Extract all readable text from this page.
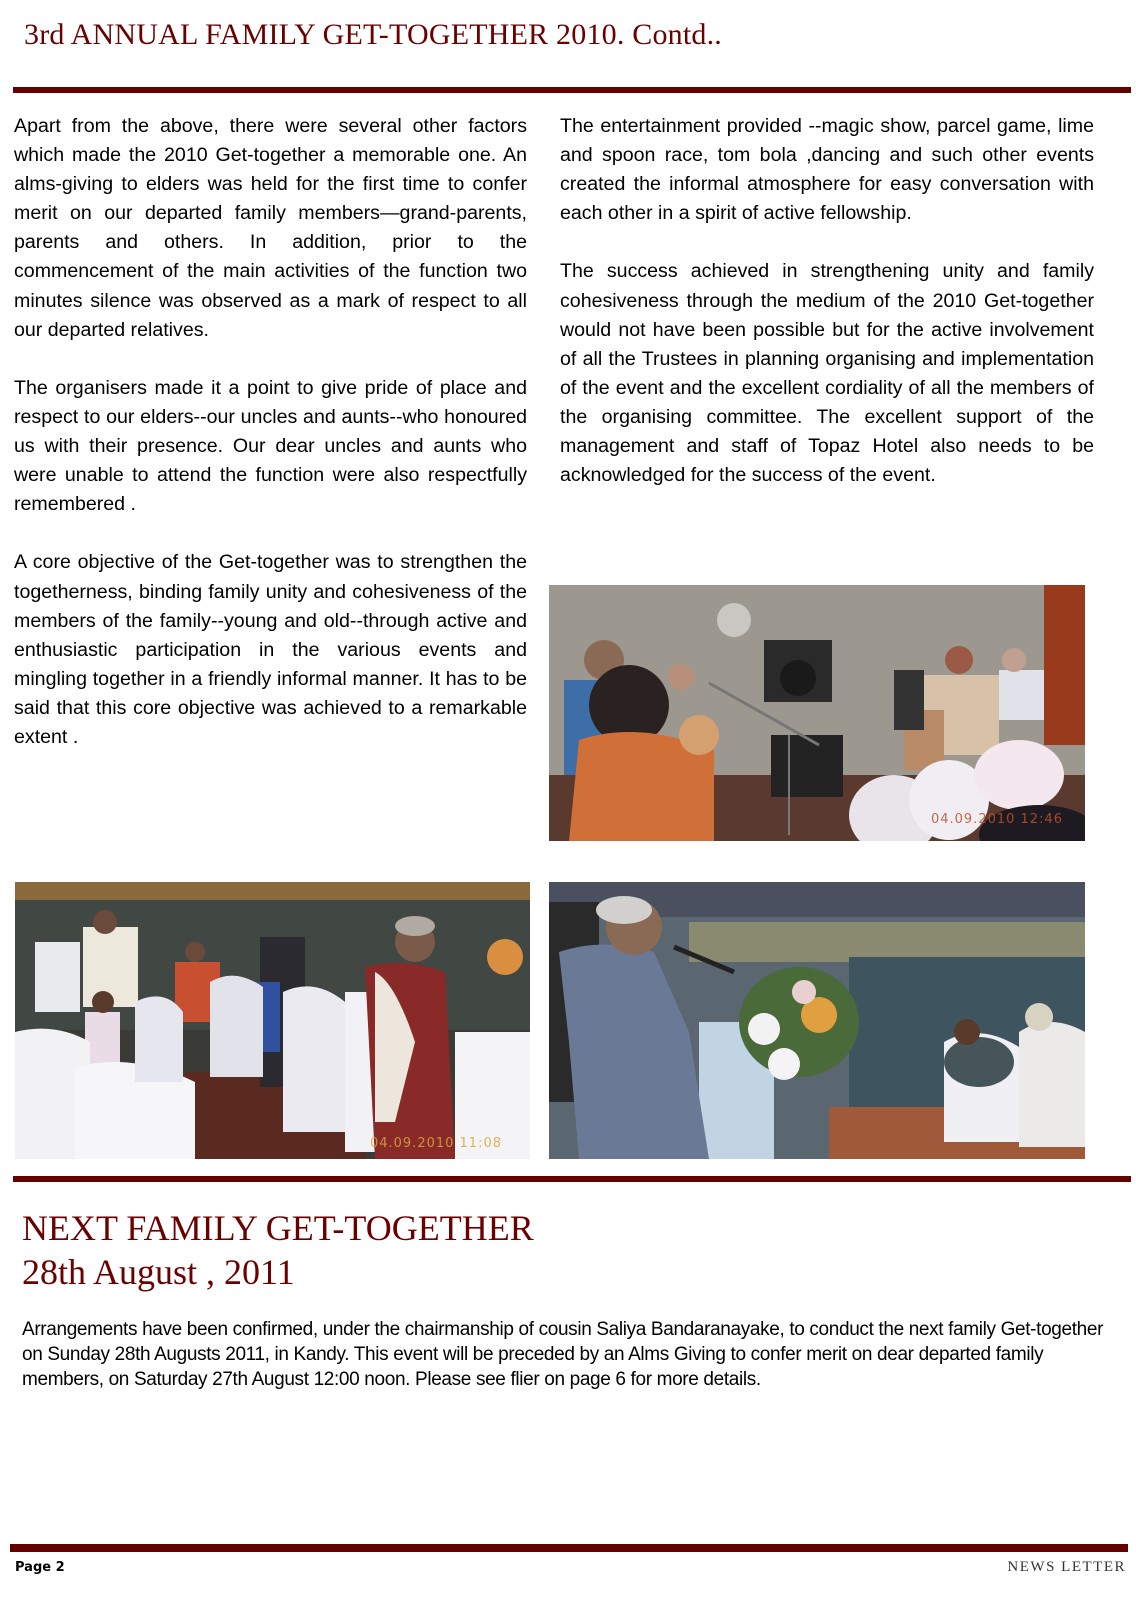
3rd ANNUAL FAMILY GET-TOGETHER 2010. Contd..

Apart from the above, there were several other factors which made the 2010 Get-together a memorable one. An alms-giving to elders was held for the first time to confer merit on our departed family members—grand-parents, parents and others. In addition, prior to the commencement of the main activities of the function two minutes silence was observed as a mark of respect to all our departed relatives.

The organisers made it a point to give pride of place and respect to our elders--our uncles and aunts--who honoured us with their presence. Our dear uncles and aunts who were unable to attend the function were also respectfully remembered .

A core objective of the Get-together was to strengthen the togetherness, binding family unity and cohesiveness of the members of the family--young and old--through active and enthusiastic participation in the various events and mingling together in a friendly informal manner. It has to be said that this core objective was achieved to a remarkable extent .

The entertainment provided --magic show, parcel game, lime and spoon race, tom bola ,dancing and such other events created the informal atmosphere for easy conversation with each other in a spirit of active fellowship.

The success achieved in strengthening unity and family cohesiveness through the medium of the 2010 Get-together would not have been possible but for the active involvement of all the Trustees in planning organising and implementation of the event and the excellent cordiality of all the members of the organising committee. The excellent support of the management and staff of Topaz Hotel also needs to be acknowledged for the success of the event.

04.09.2010 12:46
04.09.2010 11:08
NEXT FAMILY GET-TOGETHER
28th August , 2011

Arrangements have been confirmed, under the chairmanship of cousin Saliya Bandaranayake, to conduct the next family Get-together on Sunday 28th Augusts 2011, in Kandy. This event will be preceded by an Alms Giving to confer merit on dear departed family members, on Saturday 27th August 12:00 noon. Please see flier on page 6 for more details.

Page 2	NEWS LETTER
